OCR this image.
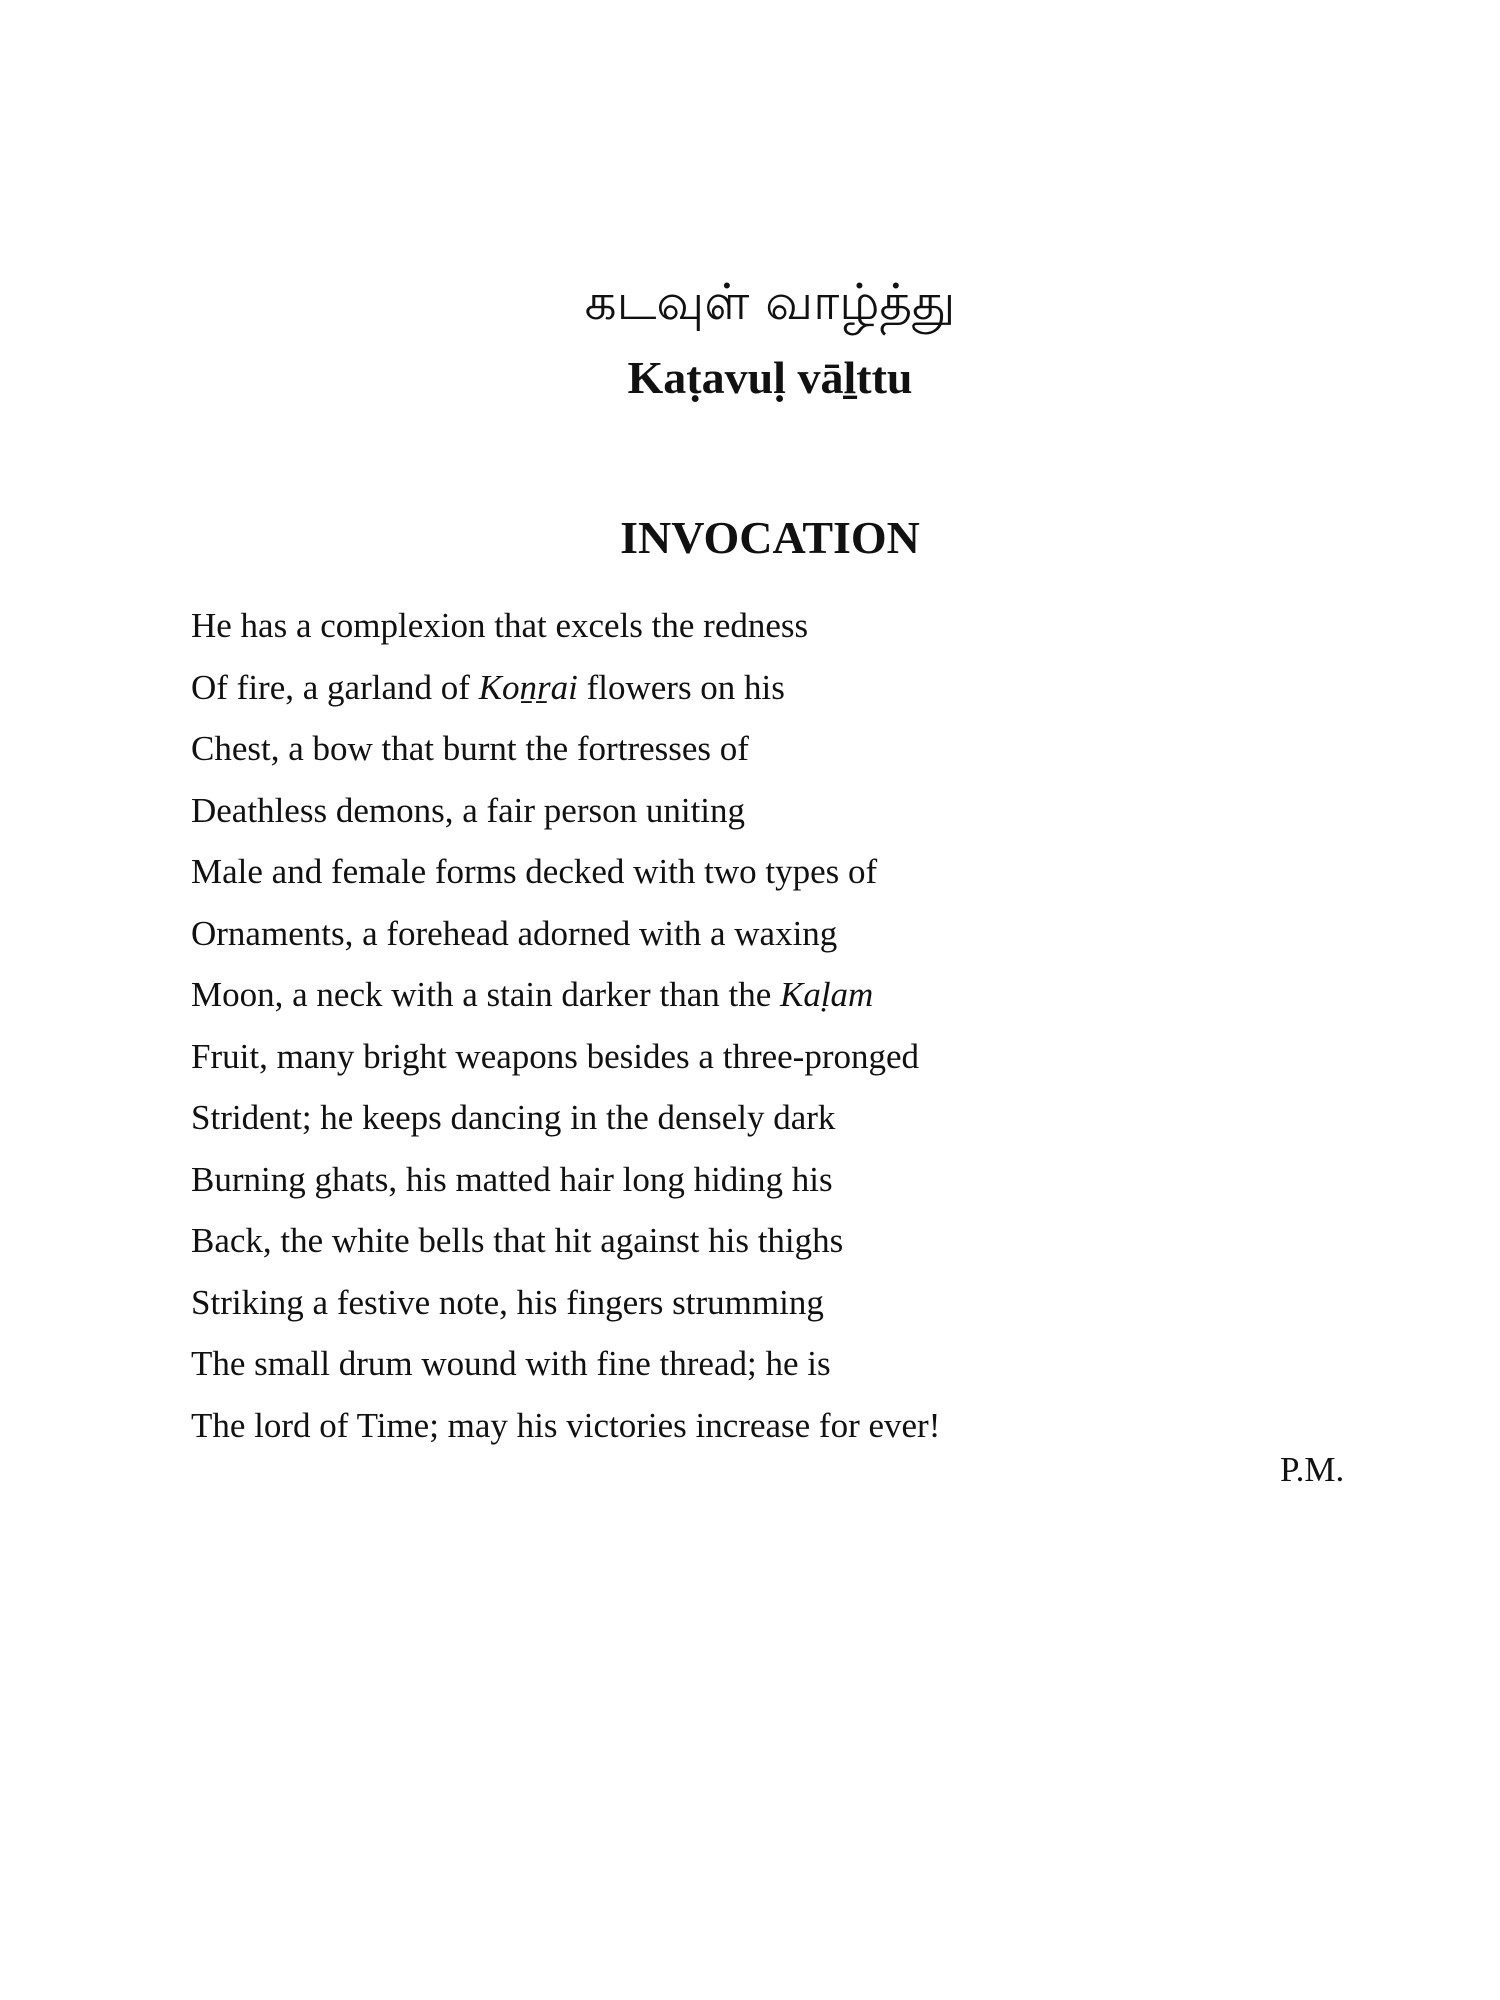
கடவுள் வாழ்த்து
Kaṭavuḷ vāḻttu
INVOCATION
He has a complexion that excels the redness
Of fire, a garland of Koṉṟai flowers on his
Chest, a bow that burnt the fortresses of
Deathless demons, a fair person uniting
Male and female forms decked with two types of
Ornaments, a forehead adorned with a waxing
Moon, a neck with a stain darker than the Kaḷam
Fruit, many bright weapons besides a three-pronged
Strident; he keeps dancing in the densely dark
Burning ghats, his matted hair long hiding his
Back, the white bells that hit against his thighs
Striking a festive note, his fingers strumming
The small drum wound with fine thread; he is
The lord of Time; may his victories increase for ever!
P.M.
